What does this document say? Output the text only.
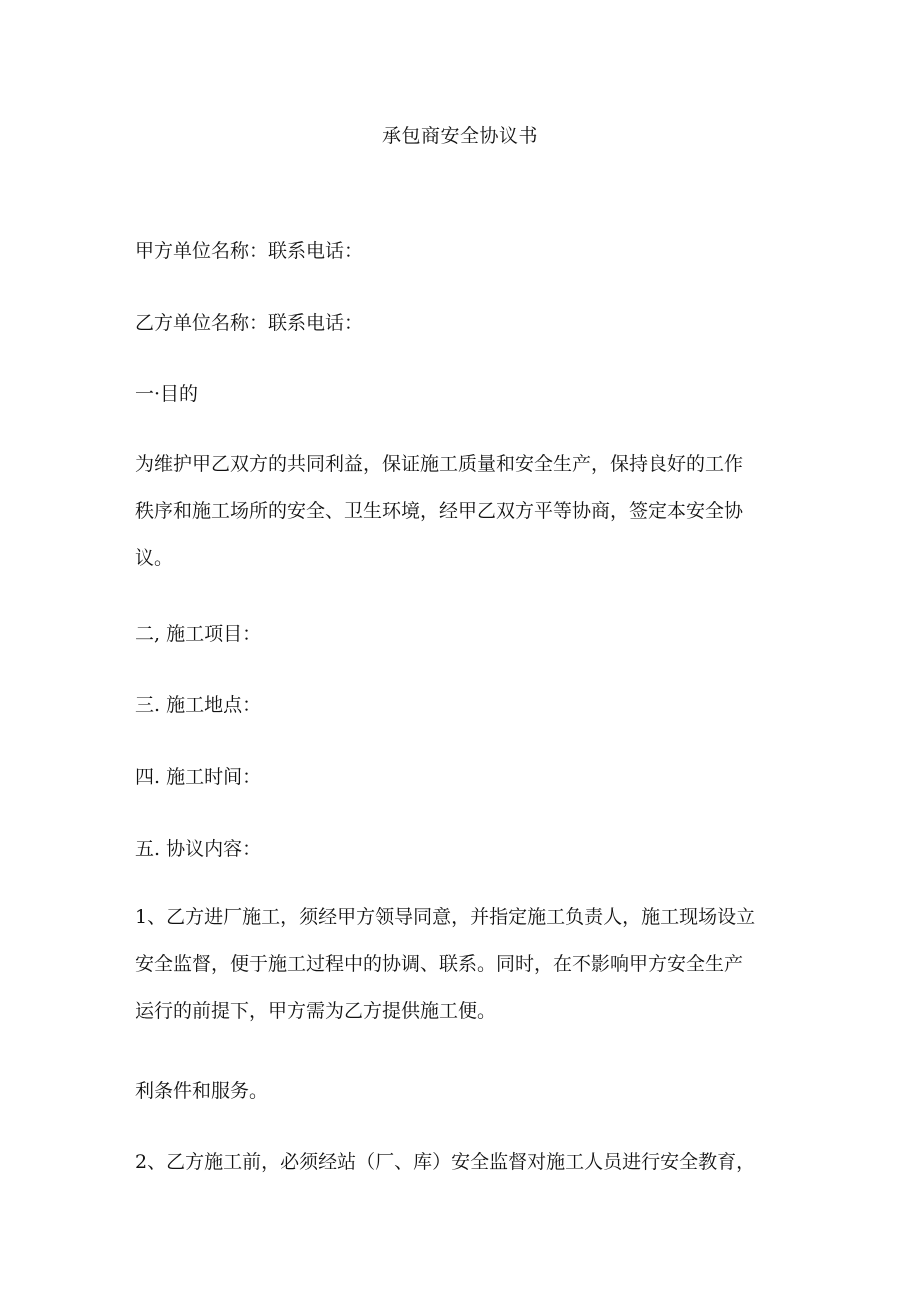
承包商安全协议书
甲方单位名称：联系电话：
乙方单位名称：联系电话：
一·目的
为维护甲乙双方的共同利益，保证施工质量和安全生产，保持良好的工作
秩序和施工场所的安全、卫生环境，经甲乙双方平等协商，签定本安全协
议。
二, 施工项目：
三. 施工地点：
四. 施工时间：
五. 协议内容：
1、乙方进厂施工，须经甲方领导同意，并指定施工负责人，施工现场设立
安全监督，便于施工过程中的协调、联系。同时，在不影响甲方安全生产
运行的前提下，甲方需为乙方提供施工便。
利条件和服务。
2、乙方施工前，必须经站（厂、库）安全监督对施工人员进行安全教育，
